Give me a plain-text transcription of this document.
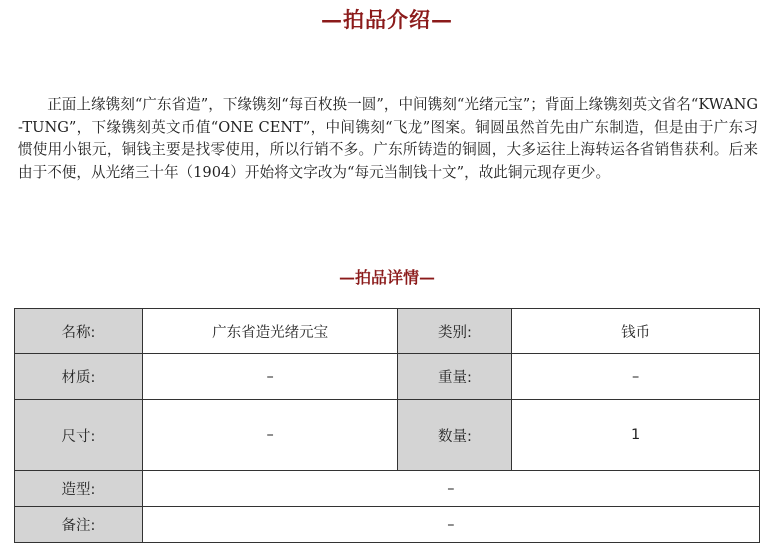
—拍品介绍—

正面上缘镌刻“广东省造”，下缘镌刻“每百枚换一圆”，中间镌刻“光绪元宝”；背面上缘镌刻英文省名“KWANG-TUNG”，下缘镌刻英文币值“ONE CENT”，中间镌刻“飞龙”图案。铜圆虽然首先由广东制造，但是由于广东习惯使用小银元，铜钱主要是找零使用，所以行销不多。广东所铸造的铜圆，大多运往上海转运各省销售获利。后来由于不便，从光绪三十年（1904）开始将文字改为“每元当制钱十文”，故此铜元现存更少。

—拍品详情—
名称:	广东省造光绪元宝	类别:	钱币
材质:	–	重量:	–
尺寸:	–	数量:	1
造型:	–		
备注:	–		
